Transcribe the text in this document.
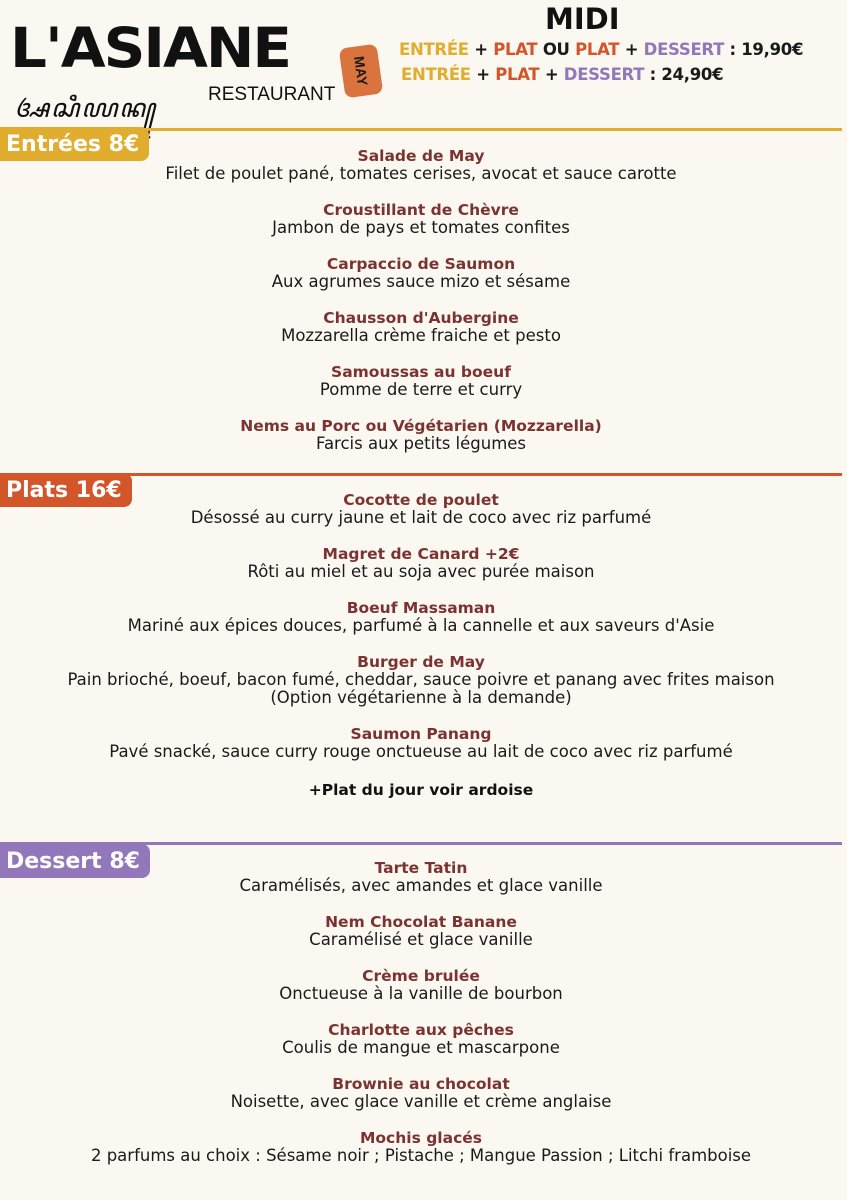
L'ASIANE
ꦄꦱꦶꦪꦤ꧀	RESTAURANT
MAY
MIDI
ENTRÉE + PLAT OU PLAT + DESSERT : 19,90€
ENTRÉE + PLAT + DESSERT : 24,90€
Entrées 8€	Salade de May
Filet de poulet pané, tomates cerises, avocat et sauce carotte
Croustillant de Chèvre
Jambon de pays et tomates confites
Carpaccio de Saumon
Aux agrumes sauce mizo et sésame
Chausson d'Aubergine
Mozzarella crème fraiche et pesto
Samoussas au boeuf
Pomme de terre et curry
Nems au Porc ou Végétarien (Mozzarella)
Farcis aux petits légumes
Plats 16€	Cocotte de poulet
Désossé au curry jaune et lait de coco avec riz parfumé
Magret de Canard +2€
Rôti au miel et au soja avec purée maison
Boeuf Massaman
Mariné aux épices douces, parfumé à la cannelle et aux saveurs d'Asie
Burger de May
Pain brioché, boeuf, bacon fumé, cheddar, sauce poivre et panang avec frites maison
(Option végétarienne à la demande)
Saumon Panang
Pavé snacké, sauce curry rouge onctueuse au lait de coco avec riz parfumé
+Plat du jour voir ardoise
Dessert 8€	Tarte Tatin
Caramélisés, avec amandes et glace vanille
Nem Chocolat Banane
Caramélisé et glace vanille
Crème brulée
Onctueuse à la vanille de bourbon
Charlotte aux pêches
Coulis de mangue et mascarpone
Brownie au chocolat
Noisette, avec glace vanille et crème anglaise
Mochis glacés
2 parfums au choix : Sésame noir ; Pistache ; Mangue Passion ; Litchi framboise
